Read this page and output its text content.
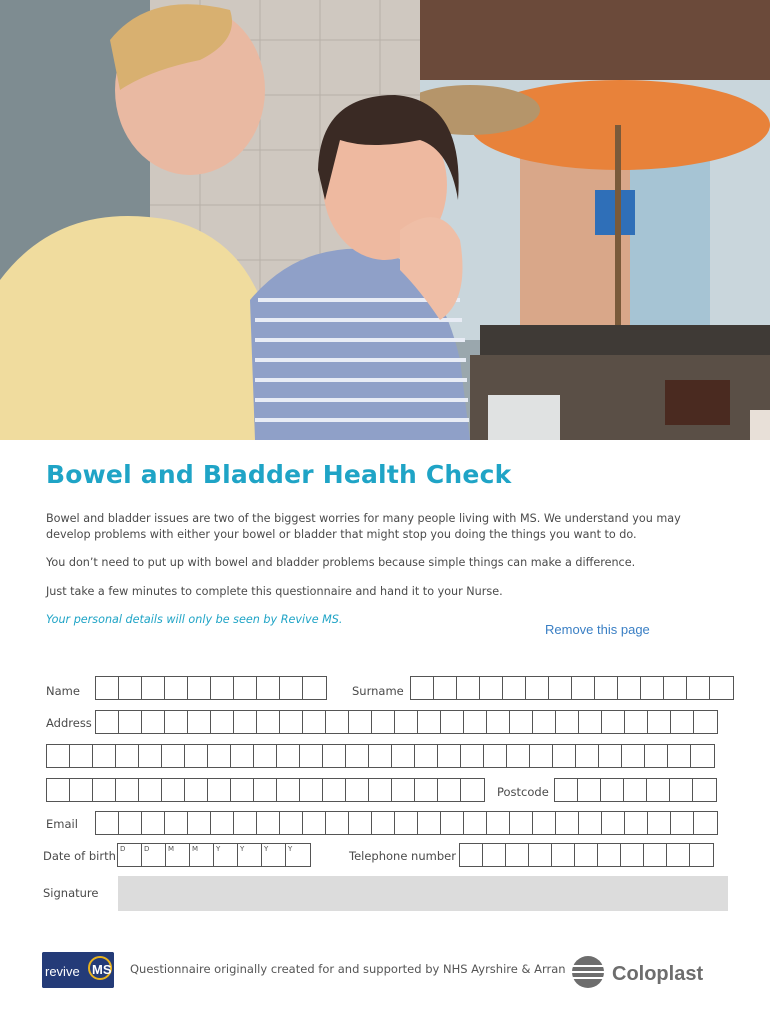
Bowel and Bladder Health Check
Bowel and bladder issues are two of the biggest worries for many people living with MS. We understand you may develop problems with either your bowel or bladder that might stop you doing the things you want to do.
You don’t need to put up with bowel and bladder problems because simple things can make a difference.
Just take a few minutes to complete this questionnaire and hand it to your Nurse.
Your personal details will only be seen by Revive MS.
Remove this page
Name	Surname
Address
Postcode
Email
Date of birth D	D	M	M	Y	Y	Y	Y	Telephone number
Signature
revive MS Questionnaire originally created for and supported by NHS Ayrshire & Arran Coloplast
